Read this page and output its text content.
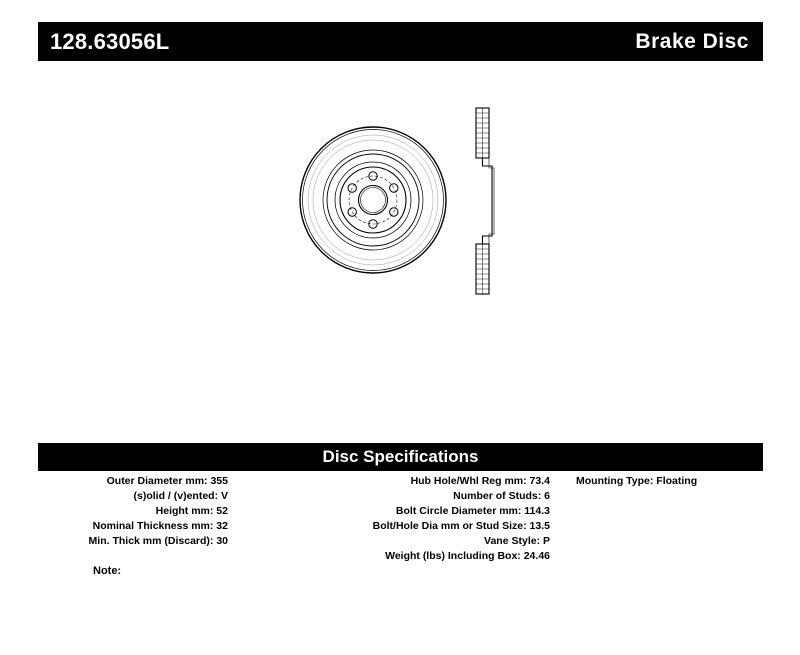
128.63056L	Brake Disc
Disc Specifications
Outer Diameter mm: 355
(s)olid / (v)ented: V
Height mm: 52
Nominal Thickness mm: 32
Min. Thick mm (Discard): 30
Hub Hole/Whl Reg mm: 73.4
Number of Studs: 6
Bolt Circle Diameter mm: 114.3
Bolt/Hole Dia mm or Stud Size: 13.5
Vane Style: P
Weight (lbs) Including Box: 24.46
Mounting Type: Floating
Note:
